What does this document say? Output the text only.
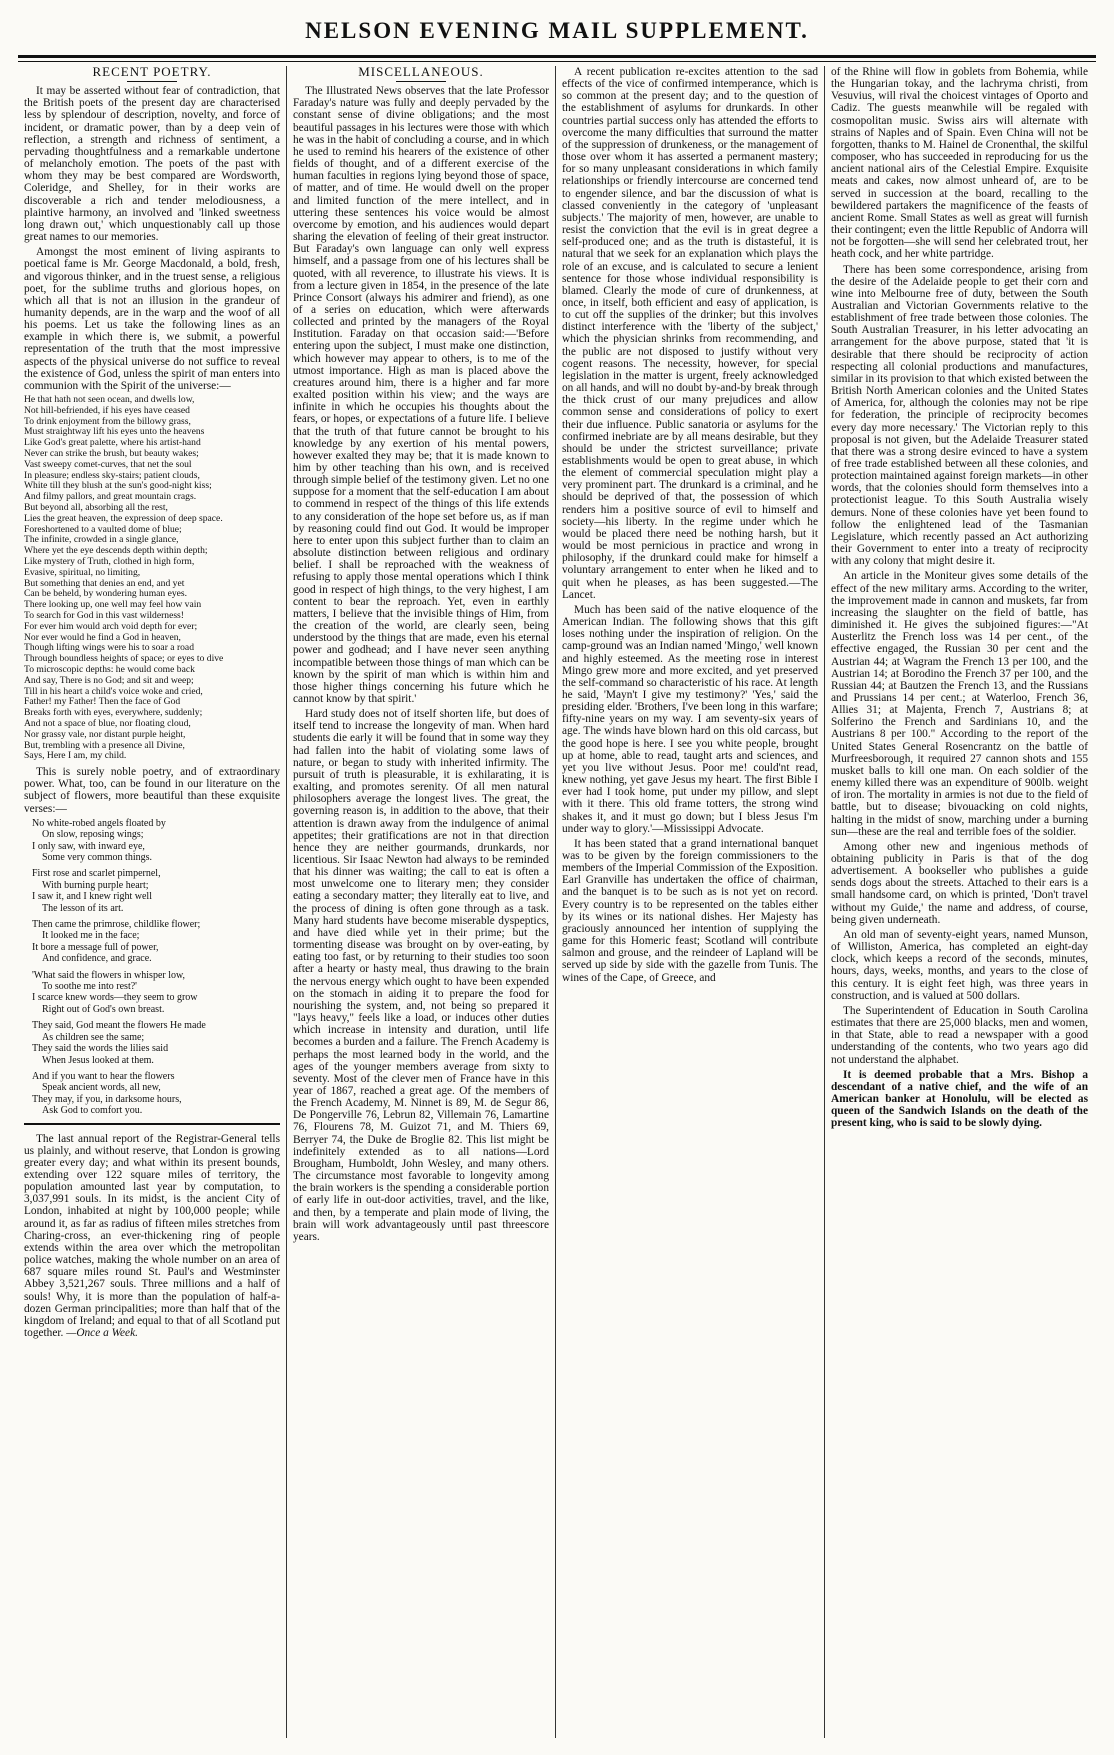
NELSON EVENING MAIL SUPPLEMENT.
RECENT POETRY.

It may be asserted without fear of contradiction, that the British poets of the present day are characterised less by splendour of description, novelty, and force of incident, or dramatic power, than by a deep vein of reflection, a strength and richness of sentiment, a pervading thoughtfulness and a remarkable undertone of melancholy emotion. The poets of the past with whom they may be best compared are Wordsworth, Coleridge, and Shelley, for in their works are discoverable a rich and tender melodiousness, a plaintive harmony, an involved and 'linked sweetness long drawn out,' which unquestionably call up those great names to our memories.

Amongst the most eminent of living aspirants to poetical fame is Mr. George Macdonald, a bold, fresh, and vigorous thinker, and in the truest sense, a religious poet, for the sublime truths and glorious hopes, on which all that is not an illusion in the grandeur of humanity depends, are in the warp and the woof of all his poems. Let us take the following lines as an example in which there is, we submit, a powerful representation of the truth that the most impressive aspects of the physical universe do not suffice to reveal the existence of God, unless the spirit of man enters into communion with the Spirit of the universe:—

He that hath not seen ocean, and dwells low,
Not hill-befriended, if his eyes have ceased
To drink enjoyment from the billowy grass,
Must straightway lift his eyes unto the heavens
Like God's great palette, where his artist-hand
Never can strike the brush, but beauty wakes;
Vast sweepy comet-curves, that net the soul
In pleasure; endless sky-stairs; patient clouds,
White till they blush at the sun's good-night kiss;
And filmy pallors, and great mountain crags.
But beyond all, absorbing all the rest,
Lies the great heaven, the expression of deep space.
Foreshortened to a vaulted dome of blue;
The infinite, crowded in a single glance,
Where yet the eye descends depth within depth;
Like mystery of Truth, clothed in high form,
Evasive, spiritual, no limiting,
But something that denies an end, and yet
Can be beheld, by wondering human eyes.
There looking up, one well may feel how vain
To search for God in this vast wilderness!
For ever him would arch void depth for ever;
Nor ever would he find a God in heaven,
Though lifting wings were his to soar a road
Through boundless heights of space; or eyes to dive
To microscopic depths: he would come back
And say, There is no God; and sit and weep;
Till in his heart a child's voice woke and cried,
Father! my Father! Then the face of God
Breaks forth with eyes, everywhere, suddenly;
And not a space of blue, nor floating cloud,
Nor grassy vale, nor distant purple height,
But, trembling with a presence all Divine,
Says, Here I am, my child.

This is surely noble poetry, and of extraordinary power. What, too, can be found in our literature on the subject of flowers, more beautiful than these exquisite verses:—

No white-robed angels floated by
On slow, reposing wings;
I only saw, with inward eye,
Some very common things.
First rose and scarlet pimpernel,
With burning purple heart;
I saw it, and I knew right well
The lesson of its art.
Then came the primrose, childlike flower;
It looked me in the face;
It bore a message full of power,
And confidence, and grace.
'What said the flowers in whisper low,
To soothe me into rest?'
I scarce knew words—they seem to grow
Right out of God's own breast.
They said, God meant the flowers He made
As children see the same;
They said the words the lilies said
When Jesus looked at them.
And if you want to hear the flowers
Speak ancient words, all new,
They may, if you, in darksome hours,
Ask God to comfort you.

The last annual report of the Registrar-General tells us plainly, and without reserve, that London is growing greater every day; and what within its present bounds, extending over 122 square miles of territory, the population amounted last year by computation, to 3,037,991 souls. In its midst, is the ancient City of London, inhabited at night by 100,000 people; while around it, as far as radius of fifteen miles stretches from Charing-cross, an ever-thickening ring of people extends within the area over which the metropolitan police watches, making the whole number on an area of 687 square miles round St. Paul's and Westminster Abbey 3,521,267 souls. Three millions and a half of souls! Why, it is more than the population of half-a-dozen German principalities; more than half that of the kingdom of Ireland; and equal to that of all Scotland put together. —Once a Week.

MISCELLANEOUS.

The Illustrated News observes that the late Professor Faraday's nature was fully and deeply pervaded by the constant sense of divine obligations; and the most beautiful passages in his lectures were those with which he was in the habit of concluding a course, and in which he used to remind his hearers of the existence of other fields of thought, and of a different exercise of the human faculties in regions lying beyond those of space, of matter, and of time. He would dwell on the proper and limited function of the mere intellect, and in uttering these sentences his voice would be almost overcome by emotion, and his audiences would depart sharing the elevation of feeling of their great instructor. But Faraday's own language can only well express himself, and a passage from one of his lectures shall be quoted, with all reverence, to illustrate his views. It is from a lecture given in 1854, in the presence of the late Prince Consort (always his admirer and friend), as one of a series on education, which were afterwards collected and printed by the managers of the Royal Institution. Faraday on that occasion said:—'Before entering upon the subject, I must make one distinction, which however may appear to others, is to me of the utmost importance. High as man is placed above the creatures around him, there is a higher and far more exalted position within his view; and the ways are infinite in which he occupies his thoughts about the fears, or hopes, or expectations of a future life. I believe that the truth of that future cannot be brought to his knowledge by any exertion of his mental powers, however exalted they may be; that it is made known to him by other teaching than his own, and is received through simple belief of the testimony given. Let no one suppose for a moment that the self-education I am about to commend in respect of the things of this life extends to any consideration of the hope set before us, as if man by reasoning could find out God. It would be improper here to enter upon this subject further than to claim an absolute distinction between religious and ordinary belief. I shall be reproached with the weakness of refusing to apply those mental operations which I think good in respect of high things, to the very highest, I am content to bear the reproach. Yet, even in earthly matters, I believe that the invisible things of Him, from the creation of the world, are clearly seen, being understood by the things that are made, even his eternal power and godhead; and I have never seen anything incompatible between those things of man which can be known by the spirit of man which is within him and those higher things concerning his future which he cannot know by that spirit.'

Hard study does not of itself shorten life, but does of itself tend to increase the longevity of man. When hard students die early it will be found that in some way they had fallen into the habit of violating some laws of nature, or began to study with inherited infirmity. The pursuit of truth is pleasurable, it is exhilarating, it is exalting, and promotes serenity. Of all men natural philosophers average the longest lives. The great, the governing reason is, in addition to the above, that their attention is drawn away from the indulgence of animal appetites; their gratifications are not in that direction hence they are neither gourmands, drunkards, nor licentious. Sir Isaac Newton had always to be reminded that his dinner was waiting; the call to eat is often a most unwelcome one to literary men; they consider eating a secondary matter; they literally eat to live, and the process of dining is often gone through as a task. Many hard students have become miserable dyspeptics, and have died while yet in their prime; but the tormenting disease was brought on by over-eating, by eating too fast, or by returning to their studies too soon after a hearty or hasty meal, thus drawing to the brain the nervous energy which ought to have been expended on the stomach in aiding it to prepare the food for nourishing the system, and, not being so prepared it "lays heavy," feels like a load, or induces other duties which increase in intensity and duration, until life becomes a burden and a failure. The French Academy is perhaps the most learned body in the world, and the ages of the younger members average from sixty to seventy. Most of the clever men of France have in this year of 1867, reached a great age. Of the members of the French Academy, M. Ninnet is 89, M. de Segur 86, De Pongerville 76, Lebrun 82, Villemain 76, Lamartine 76, Flourens 78, M. Guizot 71, and M. Thiers 69, Berryer 74, the Duke de Broglie 82. This list might be indefinitely extended as to all nations—Lord Brougham, Humboldt, John Wesley, and many others. The circumstance most favorable to longevity among the brain workers is the spending a considerable portion of early life in out-door activities, travel, and the like, and then, by a temperate and plain mode of living, the brain will work advantageously until past threescore years.

A recent publication re-excites attention to the sad effects of the vice of confirmed intemperance, which is so common at the present day; and to the question of the establishment of asylums for drunkards. In other countries partial success only has attended the efforts to overcome the many difficulties that surround the matter of the suppression of drunkeness, or the management of those over whom it has asserted a permanent mastery; for so many unpleasant considerations in which family relationships or friendly intercourse are concerned tend to engender silence, and bar the discussion of what is classed conveniently in the category of 'unpleasant subjects.' The majority of men, however, are unable to resist the conviction that the evil is in great degree a self-produced one; and as the truth is distasteful, it is natural that we seek for an explanation which plays the role of an excuse, and is calculated to secure a lenient sentence for those whose individual responsibility is blamed. Clearly the mode of cure of drunkenness, at once, in itself, both efficient and easy of application, is to cut off the supplies of the drinker; but this involves distinct interference with the 'liberty of the subject,' which the physician shrinks from recommending, and the public are not disposed to justify without very cogent reasons. The necessity, however, for special legislation in the matter is urgent, freely acknowledged on all hands, and will no doubt by-and-by break through the thick crust of our many prejudices and allow common sense and considerations of policy to exert their due influence. Public sanatoria or asylums for the confirmed inebriate are by all means desirable, but they should be under the strictest surveillance; private establishments would be open to great abuse, in which the element of commercial speculation might play a very prominent part. The drunkard is a criminal, and he should be deprived of that, the possession of which renders him a positive source of evil to himself and society—his liberty. In the regime under which he would be placed there need be nothing harsh, but it would be most pernicious in practice and wrong in philosophy, if the drunkard could make for himself a voluntary arrangement to enter when he liked and to quit when he pleases, as has been suggested.—The Lancet.

Much has been said of the native eloquence of the American Indian. The following shows that this gift loses nothing under the inspiration of religion. On the camp-ground was an Indian named 'Mingo,' well known and highly esteemed. As the meeting rose in interest Mingo grew more and more excited, and yet preserved the self-command so characteristic of his race. At length he said, 'Mayn't I give my testimony?' 'Yes,' said the presiding elder. 'Brothers, I've been long in this warfare; fifty-nine years on my way. I am seventy-six years of age. The winds have blown hard on this old carcass, but the good hope is here. I see you white people, brought up at home, able to read, taught arts and sciences, and yet you live without Jesus. Poor me! could'nt read, knew nothing, yet gave Jesus my heart. The first Bible I ever had I took home, put under my pillow, and slept with it there. This old frame totters, the strong wind shakes it, and it must go down; but I bless Jesus I'm under way to glory.'—Mississippi Advocate.

It has been stated that a grand international banquet was to be given by the foreign commissioners to the members of the Imperial Commission of the Exposition. Earl Granville has undertaken the office of chairman, and the banquet is to be such as is not yet on record. Every country is to be represented on the tables either by its wines or its national dishes. Her Majesty has graciously announced her intention of supplying the game for this Homeric feast; Scotland will contribute salmon and grouse, and the reindeer of Lapland will be served up side by side with the gazelle from Tunis. The wines of the Cape, of Greece, and

of the Rhine will flow in goblets from Bohemia, while the Hungarian tokay, and the lachryma christi, from Vesuvius, will rival the choicest vintages of Oporto and Cadiz. The guests meanwhile will be regaled with cosmopolitan music. Swiss airs will alternate with strains of Naples and of Spain. Even China will not be forgotten, thanks to M. Hainel de Cronenthal, the skilful composer, who has succeeded in reproducing for us the ancient national airs of the Celestial Empire. Exquisite meats and cakes, now almost unheard of, are to be served in succession at the board, recalling to the bewildered partakers the magnificence of the feasts of ancient Rome. Small States as well as great will furnish their contingent; even the little Republic of Andorra will not be forgotten—she will send her celebrated trout, her heath cock, and her white partridge.

There has been some correspondence, arising from the desire of the Adelaide people to get their corn and wine into Melbourne free of duty, between the South Australian and Victorian Governments relative to the establishment of free trade between those colonies. The South Australian Treasurer, in his letter advocating an arrangement for the above purpose, stated that 'it is desirable that there should be reciprocity of action respecting all colonial productions and manufactures, similar in its provision to that which existed between the British North American colonies and the United States of America, for, although the colonies may not be ripe for federation, the principle of reciprocity becomes every day more necessary.' The Victorian reply to this proposal is not given, but the Adelaide Treasurer stated that there was a strong desire evinced to have a system of free trade established between all these colonies, and protection maintained against foreign markets—in other words, that the colonies should form themselves into a protectionist league. To this South Australia wisely demurs. None of these colonies have yet been found to follow the enlightened lead of the Tasmanian Legislature, which recently passed an Act authorizing their Government to enter into a treaty of reciprocity with any colony that might desire it.

An article in the Moniteur gives some details of the effect of the new military arms. According to the writer, the improvement made in cannon and muskets, far from increasing the slaughter on the field of battle, has diminished it. He gives the subjoined figures:—"At Austerlitz the French loss was 14 per cent., of the effective engaged, the Russian 30 per cent and the Austrian 44; at Wagram the French 13 per 100, and the Austrian 14; at Borodino the French 37 per 100, and the Russian 44; at Bautzen the French 13, and the Russians and Prussians 14 per cent.; at Waterloo, French 36, Allies 31; at Majenta, French 7, Austrians 8; at Solferino the French and Sardinians 10, and the Austrians 8 per 100." According to the report of the United States General Rosencrantz on the battle of Murfreesborough, it required 27 cannon shots and 155 musket balls to kill one man. On each soldier of the enemy killed there was an expenditure of 900lb. weight of iron. The mortality in armies is not due to the field of battle, but to disease; bivouacking on cold nights, halting in the midst of snow, marching under a burning sun—these are the real and terrible foes of the soldier.

Among other new and ingenious methods of obtaining publicity in Paris is that of the dog advertisement. A bookseller who publishes a guide sends dogs about the streets. Attached to their ears is a small handsome card, on which is printed, 'Don't travel without my Guide,' the name and address, of course, being given underneath.

An old man of seventy-eight years, named Munson, of Williston, America, has completed an eight-day clock, which keeps a record of the seconds, minutes, hours, days, weeks, months, and years to the close of this century. It is eight feet high, was three years in construction, and is valued at 500 dollars.

The Superintendent of Education in South Carolina estimates that there are 25,000 blacks, men and women, in that State, able to read a newspaper with a good understanding of the contents, who two years ago did not understand the alphabet.

It is deemed probable that a Mrs. Bishop a descendant of a native chief, and the wife of an American banker at Honolulu, will be elected as queen of the Sandwich Islands on the death of the present king, who is said to be slowly dying.
